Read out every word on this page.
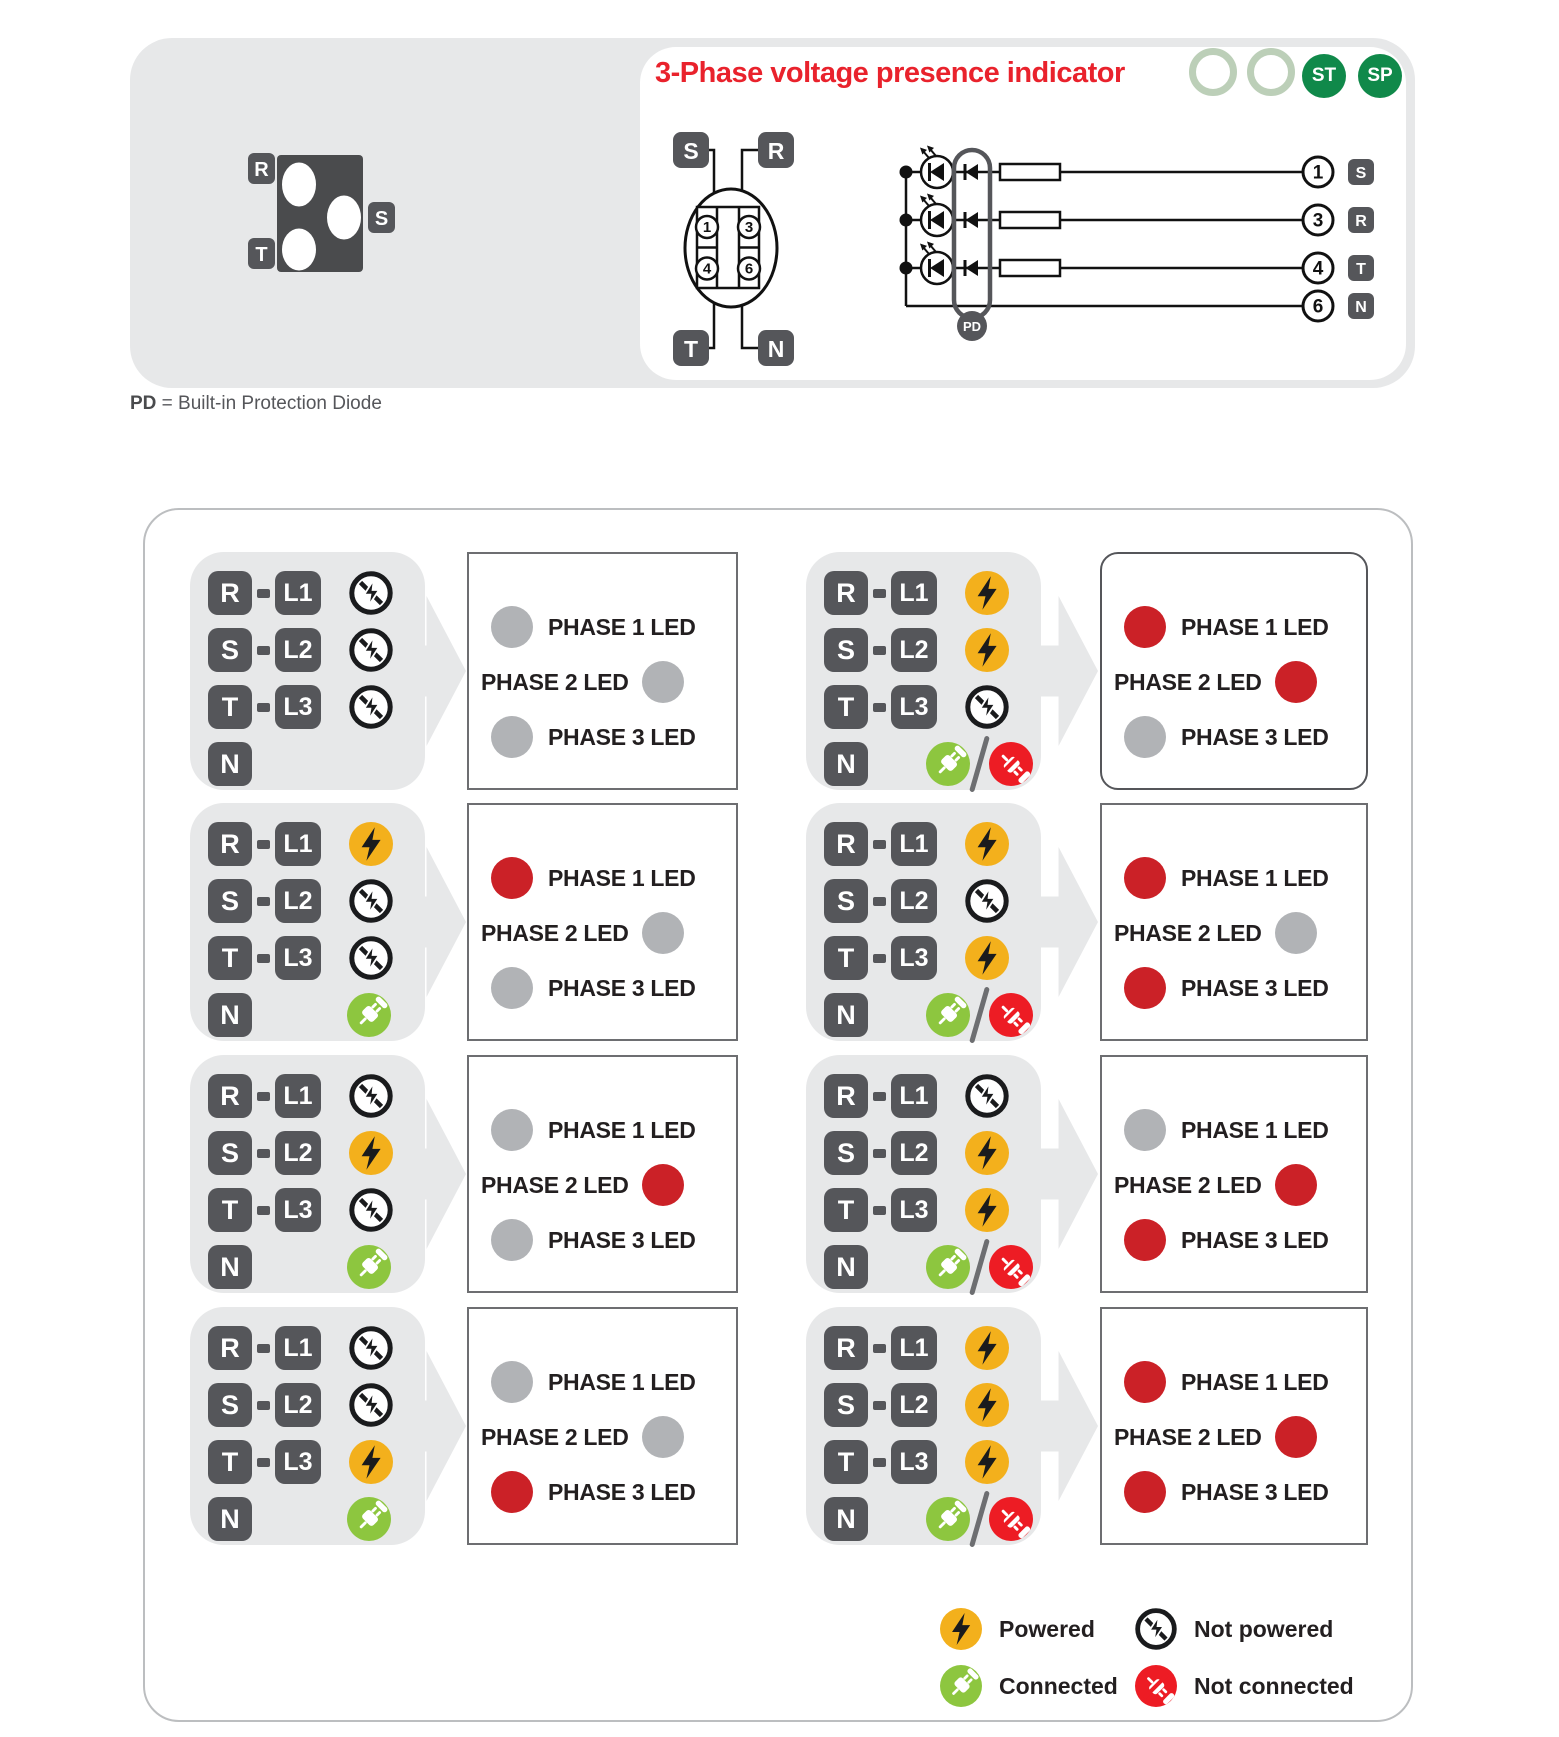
R
S
T
3-Phase voltage presence indicator	ST	SP
1 3
4 6
S	R
T	N
PD
1 S
3 R
4 T
6 N
PD = Built-in Protection Diode
R	L1
S	L2
T	L3
N
PHASE 1 LED
PHASE 2 LED
PHASE 3 LED
R	L1
S	L2
T	L3
N
PHASE 1 LED
PHASE 2 LED
PHASE 3 LED
R	L1
S	L2
T	L3
N
PHASE 1 LED
PHASE 2 LED
PHASE 3 LED
R	L1
S	L2
T	L3
N
PHASE 1 LED
PHASE 2 LED
PHASE 3 LED
R	L1
S	L2
T	L3
N
PHASE 1 LED
PHASE 2 LED
PHASE 3 LED
R	L1
S	L2
T	L3
N
PHASE 1 LED
PHASE 2 LED
PHASE 3 LED
R	L1
S	L2
T	L3
N
PHASE 1 LED
PHASE 2 LED
PHASE 3 LED
R	L1
S	L2
T	L3
N
PHASE 1 LED
PHASE 2 LED
PHASE 3 LED
Powered	Not powered
Connected	Not connected
